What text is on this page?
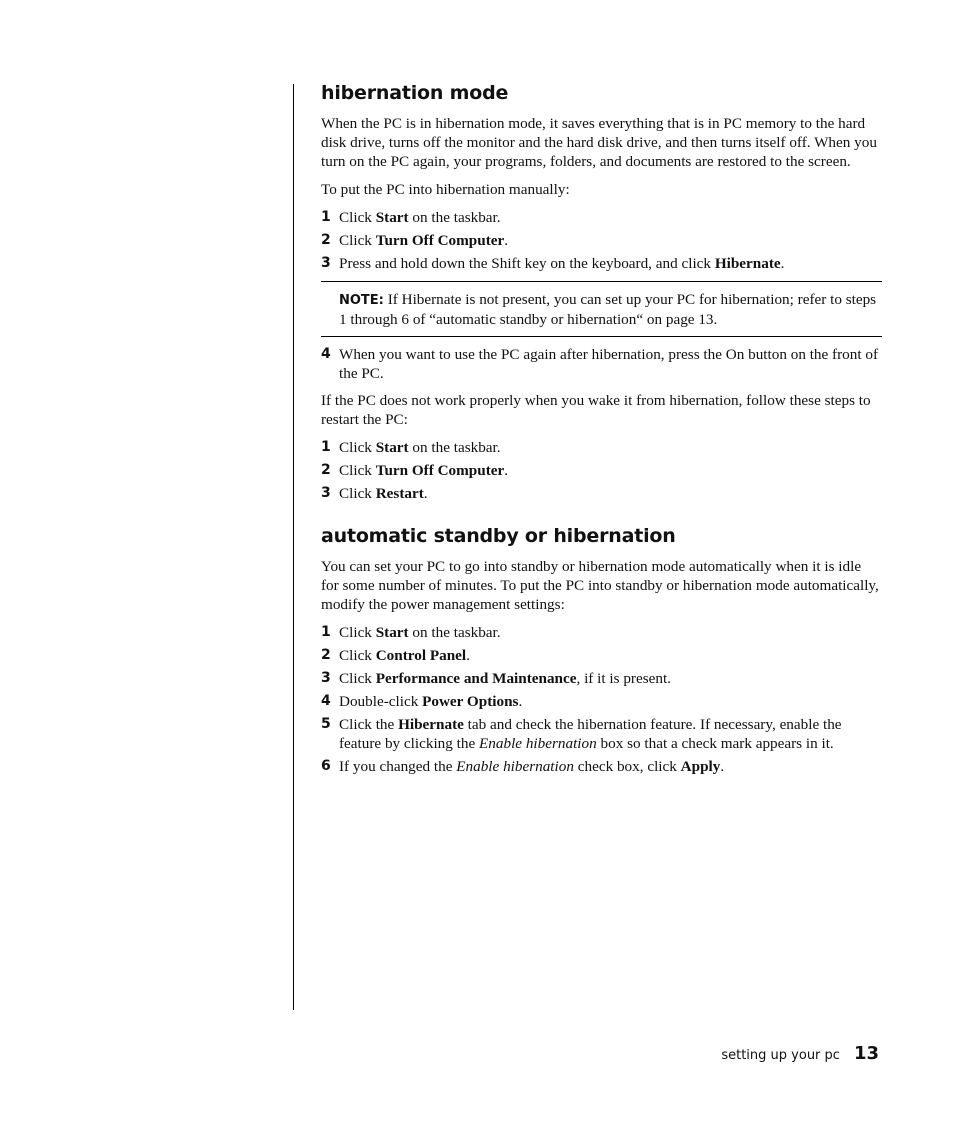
hibernation mode

When the PC is in hibernation mode, it saves everything that is in PC memory to the hard disk drive, turns off the monitor and the hard disk drive, and then turns itself off. When you turn on the PC again, your programs, folders, and documents are restored to the screen.

To put the PC into hibernation manually:

1 Click Start on the taskbar.
2 Click Turn Off Computer.
3 Press and hold down the Shift key on the keyboard, and click Hibernate.
NOTE: If Hibernate is not present, you can set up your PC for hibernation; refer to steps 1 through 6 of “automatic standby or hibernation“ on page 13.
4 When you want to use the PC again after hibernation, press the On button on the front of the PC.

If the PC does not work properly when you wake it from hibernation, follow these steps to restart the PC:

1 Click Start on the taskbar.
2 Click Turn Off Computer.
3 Click Restart.
automatic standby or hibernation

You can set your PC to go into standby or hibernation mode automatically when it is idle for some number of minutes. To put the PC into standby or hibernation mode automatically, modify the power management settings:

1 Click Start on the taskbar.
2 Click Control Panel.
3 Click Performance and Maintenance, if it is present.
4 Double-click Power Options.
5 Click the Hibernate tab and check the hibernation feature. If necessary, enable the feature by clicking the Enable hibernation box so that a check mark appears in it.
6 If you changed the Enable hibernation check box, click Apply.
setting up your pc 13
